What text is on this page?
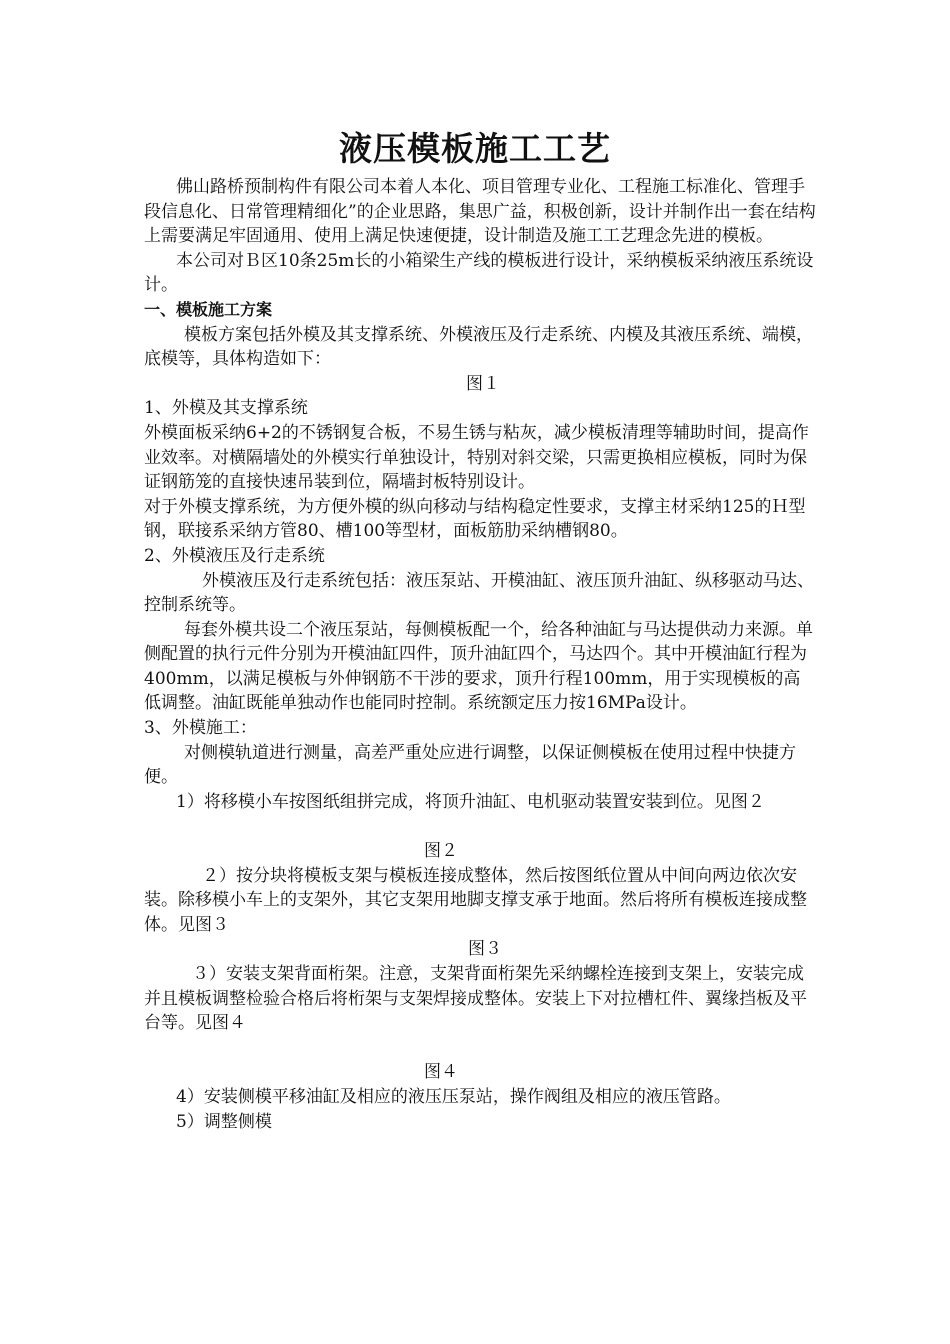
液压模板施工工艺

佛山路桥预制构件有限公司本着人本化、项目管理专业化、工程施工标准化、管理手段信息化、日常管理精细化”的企业思路，集思广益，积极创新，设计并制作出一套在结构上需要满足牢固通用、使用上满足快速便捷，设计制造及施工工艺理念先进的模板。

本公司对Ｂ区10条25m长的小箱梁生产线的模板进行设计，采纳模板采纳液压系统设计。

一、模板施工方案

模板方案包括外模及其支撑系统、外模液压及行走系统、内模及其液压系统、端模，底模等，具体构造如下：

图１

1、外模及其支撑系统

外模面板采纳6+2的不锈钢复合板，不易生锈与粘灰，减少模板清理等辅助时间，提高作业效率。对横隔墙处的外模实行单独设计，特别对斜交梁，只需更换相应模板，同时为保证钢筋笼的直接快速吊装到位，隔墙封板特别设计。

对于外模支撑系统，为方便外模的纵向移动与结构稳定性要求，支撑主材采纳125的Ｈ型钢，联接系采纳方管80、槽100等型材，面板筋肋采纳槽钢80。

2、外模液压及行走系统

外模液压及行走系统包括：液压泵站、开模油缸、液压顶升油缸、纵移驱动马达、控制系统等。

每套外模共设二个液压泵站，每侧模板配一个，给各种油缸与马达提供动力来源。单侧配置的执行元件分别为开模油缸四件，顶升油缸四个，马达四个。其中开模油缸行程为400mm，以满足模板与外伸钢筋不干涉的要求，顶升行程100mm，用于实现模板的高低调整。油缸既能单独动作也能同时控制。系统额定压力按16MPa设计。

3、外模施工：

对侧模轨道进行测量，高差严重处应进行调整，以保证侧模板在使用过程中快捷方便。

1）将移模小车按图纸组拼完成，将顶升油缸、电机驱动装置安装到位。见图２

图２

２）按分块将模板支架与模板连接成整体，然后按图纸位置从中间向两边依次安装。除移模小车上的支架外，其它支架用地脚支撑支承于地面。然后将所有模板连接成整体。见图３

图３

３）安装支架背面桁架。注意，支架背面桁架先采纳螺栓连接到支架上，安装完成并且模板调整检验合格后将桁架与支架焊接成整体。安装上下对拉槽杠件、翼缘挡板及平台等。见图４

图４

4）安装侧模平移油缸及相应的液压压泵站，操作阀组及相应的液压管路。

5）调整侧模
